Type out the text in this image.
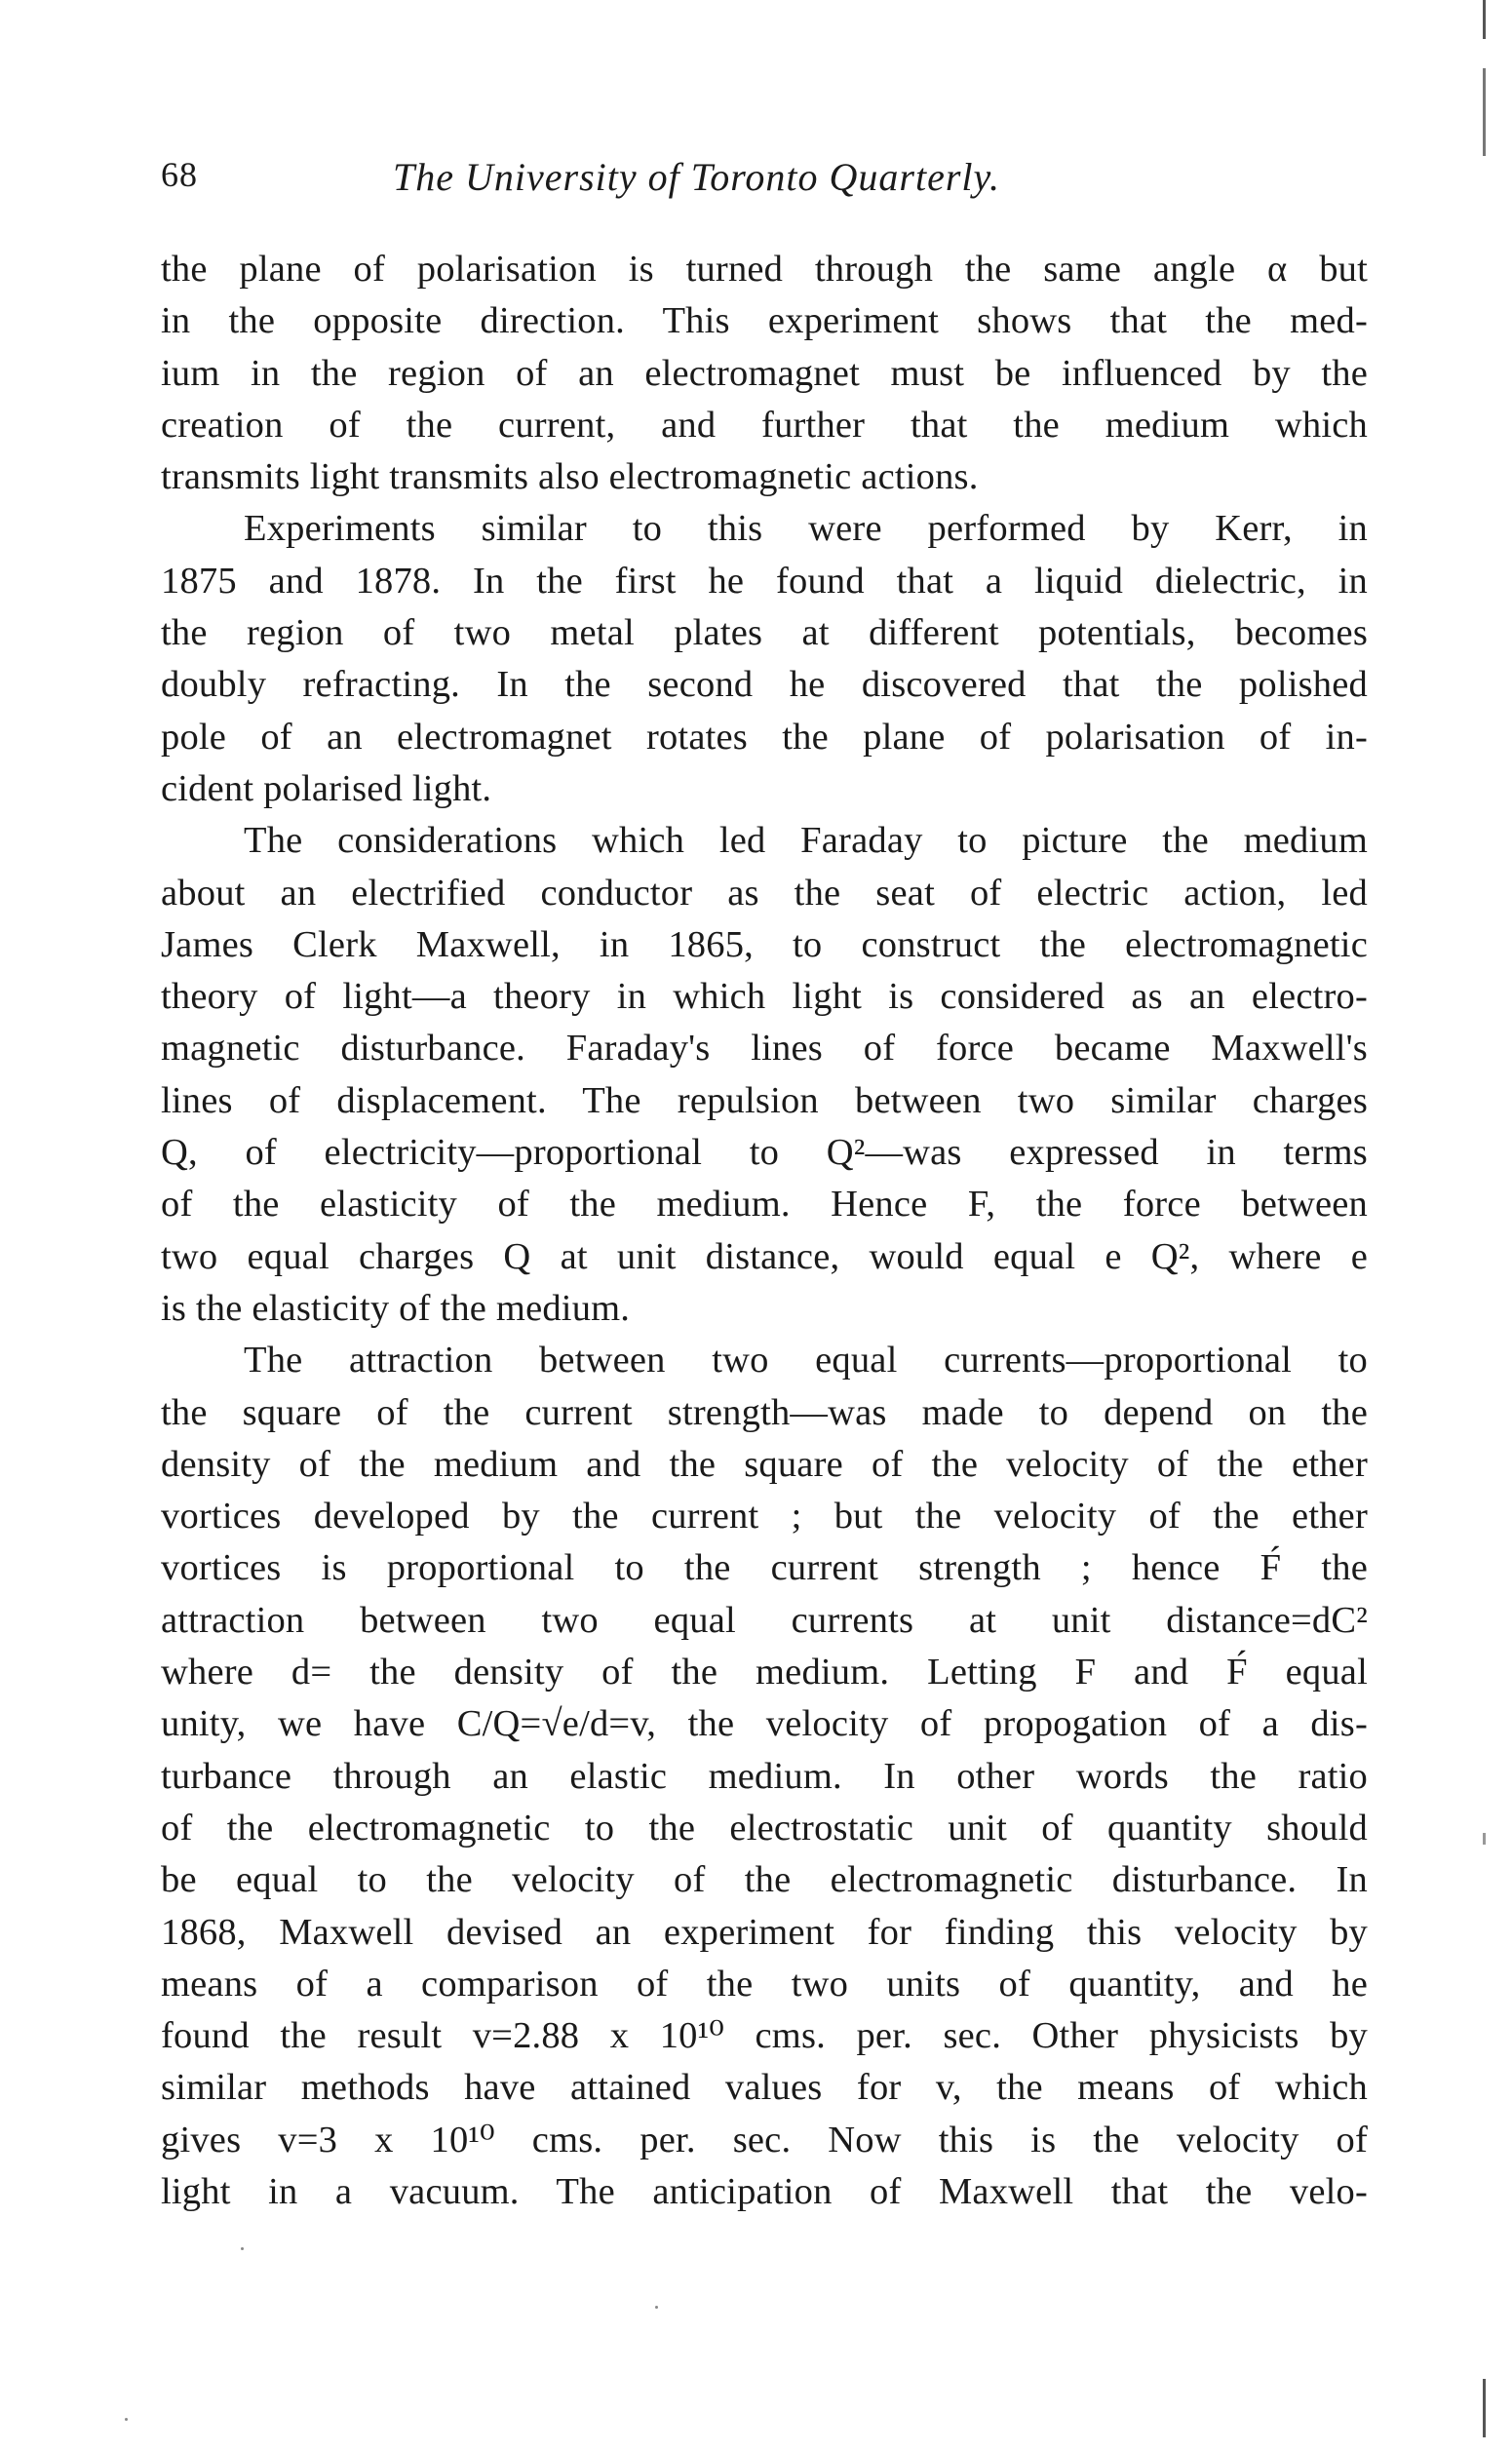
68	The University of Toronto Quarterly.
the plane of polarisation is turned through the same angle α but
in the opposite direction. This experiment shows that the med-
ium in the region of an electromagnet must be influenced by the
creation of the current, and further that the medium which
transmits light transmits also electromagnetic actions.
Experiments similar to this were performed by Kerr, in
1875 and 1878. In the first he found that a liquid dielectric, in
the region of two metal plates at different potentials, becomes
doubly refracting. In the second he discovered that the polished
pole of an electromagnet rotates the plane of polarisation of in-
cident polarised light.
The considerations which led Faraday to picture the medium
about an electrified conductor as the seat of electric action, led
James Clerk Maxwell, in 1865, to construct the electromagnetic
theory of light—a theory in which light is considered as an electro-
magnetic disturbance. Faraday's lines of force became Maxwell's
lines of displacement. The repulsion between two similar charges
Q, of electricity—proportional to Q²—was expressed in terms
of the elasticity of the medium. Hence F, the force between
two equal charges Q at unit distance, would equal e Q², where e
is the elasticity of the medium.
The attraction between two equal currents—proportional to
the square of the current strength—was made to depend on the
density of the medium and the square of the velocity of the ether
vortices developed by the current ; but the velocity of the ether
vortices is proportional to the current strength ; hence F́ the
attraction between two equal currents at unit distance=dC²
where d= the density of the medium. Letting F and F́ equal
unity, we have C/Q=√e/d=v, the velocity of propogation of a dis-
turbance through an elastic medium. In other words the ratio
of the electromagnetic to the electrostatic unit of quantity should
be equal to the velocity of the electromagnetic disturbance. In
1868, Maxwell devised an experiment for finding this velocity by
means of a comparison of the two units of quantity, and he
found the result v=2.88 x 10¹⁰ cms. per. sec. Other physicists by
similar methods have attained values for v, the means of which
gives v=3 x 10¹⁰ cms. per. sec. Now this is the velocity of
light in a vacuum. The anticipation of Maxwell that the velo-
